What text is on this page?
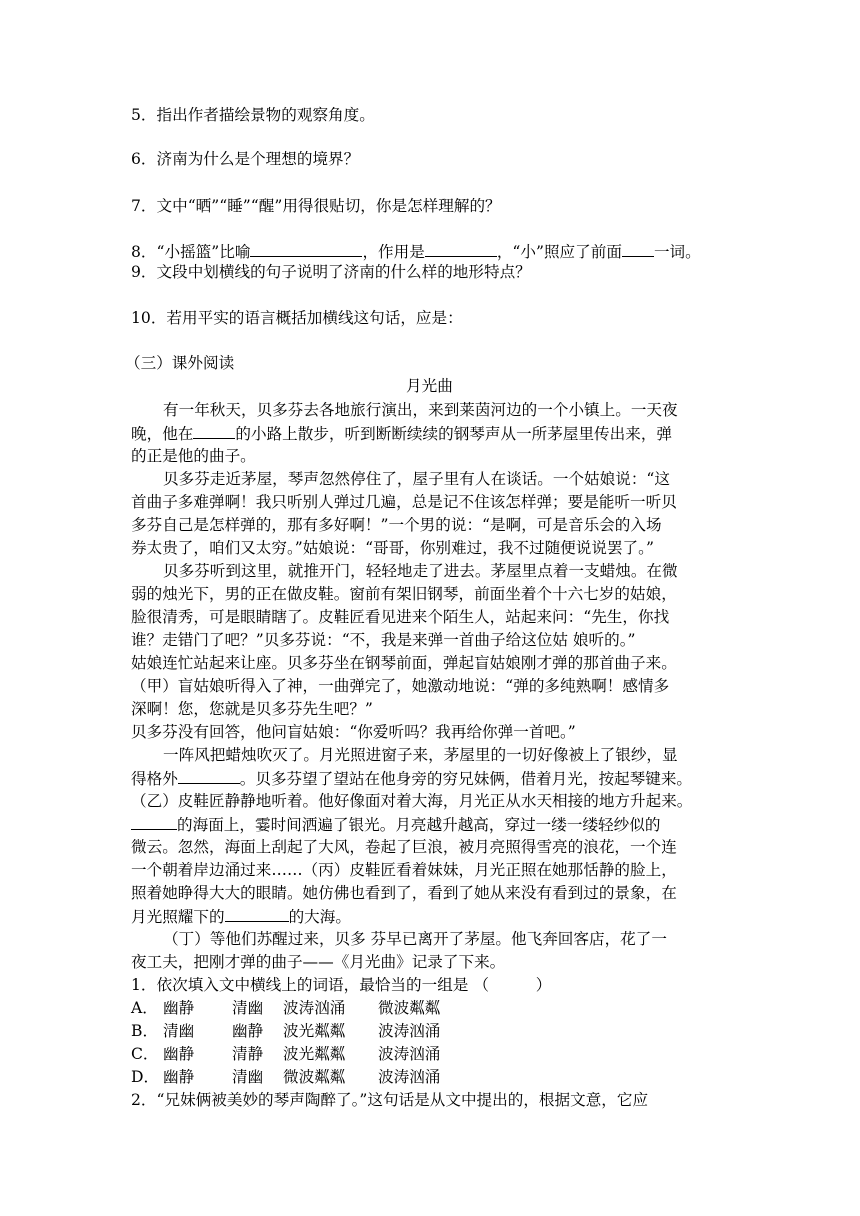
5．指出作者描绘景物的观察角度。
6．济南为什么是个理想的境界？
7．文中“晒”“睡”“醒”用得很贴切，你是怎样理解的？
8．“小摇篮”比喻	，作用是	，“小”照应了前面 一词。
9．文段中划横线的句子说明了济南的什么样的地形特点？
10．若用平实的语言概括加横线这句话，应是：
（三）课外阅读
月光曲
有一年秋天，贝多芬去各地旅行演出，来到莱茵河边的一个小镇上。一天夜
晚，他在	的小路上散步，听到断断续续的钢琴声从一所茅屋里传出来，弹
的正是他的曲子。
贝多芬走近茅屋，琴声忽然停住了，屋子里有人在谈话。一个姑娘说：“这
首曲子多难弹啊！我只听别人弹过几遍，总是记不住该怎样弹；要是能听一听贝
多芬自己是怎样弹的，那有多好啊！”一个男的说：“是啊，可是音乐会的入场
券太贵了，咱们又太穷。”姑娘说：“哥哥，你别难过，我不过随便说说罢了。”
贝多芬听到这里，就推开门，轻轻地走了进去。茅屋里点着一支蜡烛。在微
弱的烛光下，男的正在做皮鞋。窗前有架旧钢琴，前面坐着个十六七岁的姑娘，
脸很清秀，可是眼睛瞎了。皮鞋匠看见进来个陌生人，站起来问：“先生，你找
谁？走错门了吧？”贝多芬说：“不，我是来弹一首曲子给这位姑 娘听的。”
姑娘连忙站起来让座。贝多芬坐在钢琴前面，弹起盲姑娘刚才弹的那首曲子来。
（甲）盲姑娘听得入了神，一曲弹完了，她激动地说：“弹的多纯熟啊！感情多
深啊！您，您就是贝多芬先生吧？”
贝多芬没有回答，他问盲姑娘：“你爱听吗？我再给你弹一首吧。”
一阵风把蜡烛吹灭了。月光照进窗子来，茅屋里的一切好像被上了银纱，显
得格外	。贝多芬望了望站在他身旁的穷兄妹俩，借着月光，按起琴键来。
（乙）皮鞋匠静静地听着。他好像面对着大海，月光正从水天相接的地方升起来。
的海面上，霎时间洒遍了银光。月亮越升越高，穿过一缕一缕轻纱似的
微云。忽然，海面上刮起了大风，卷起了巨浪，被月亮照得雪亮的浪花，一个连
一个朝着岸边涌过来……（丙）皮鞋匠看着妹妹，月光正照在她那恬静的脸上，
照着她睁得大大的眼睛。她仿佛也看到了，看到了她从来没有看到过的景象，在
月光照耀下的	的大海。
（丁）等他们苏醒过来，贝多 芬早已离开了茅屋。他飞奔回客店，花了一
夜工夫，把刚才弹的曲子——《月光曲》记录了下来。
1．依次填入文中横线上的词语，最恰当的一组是 （　　　）
A． 幽静 清幽 波涛汹涌 微波粼粼
B． 清幽 幽静 波光粼粼 波涛汹涌
C． 幽静 清静 波光粼粼 波涛汹涌
D． 幽静 清幽 微波粼粼 波涛汹涌
2．“兄妹俩被美妙的琴声陶醉了。”这句话是从文中提出的，根据文意，它应
